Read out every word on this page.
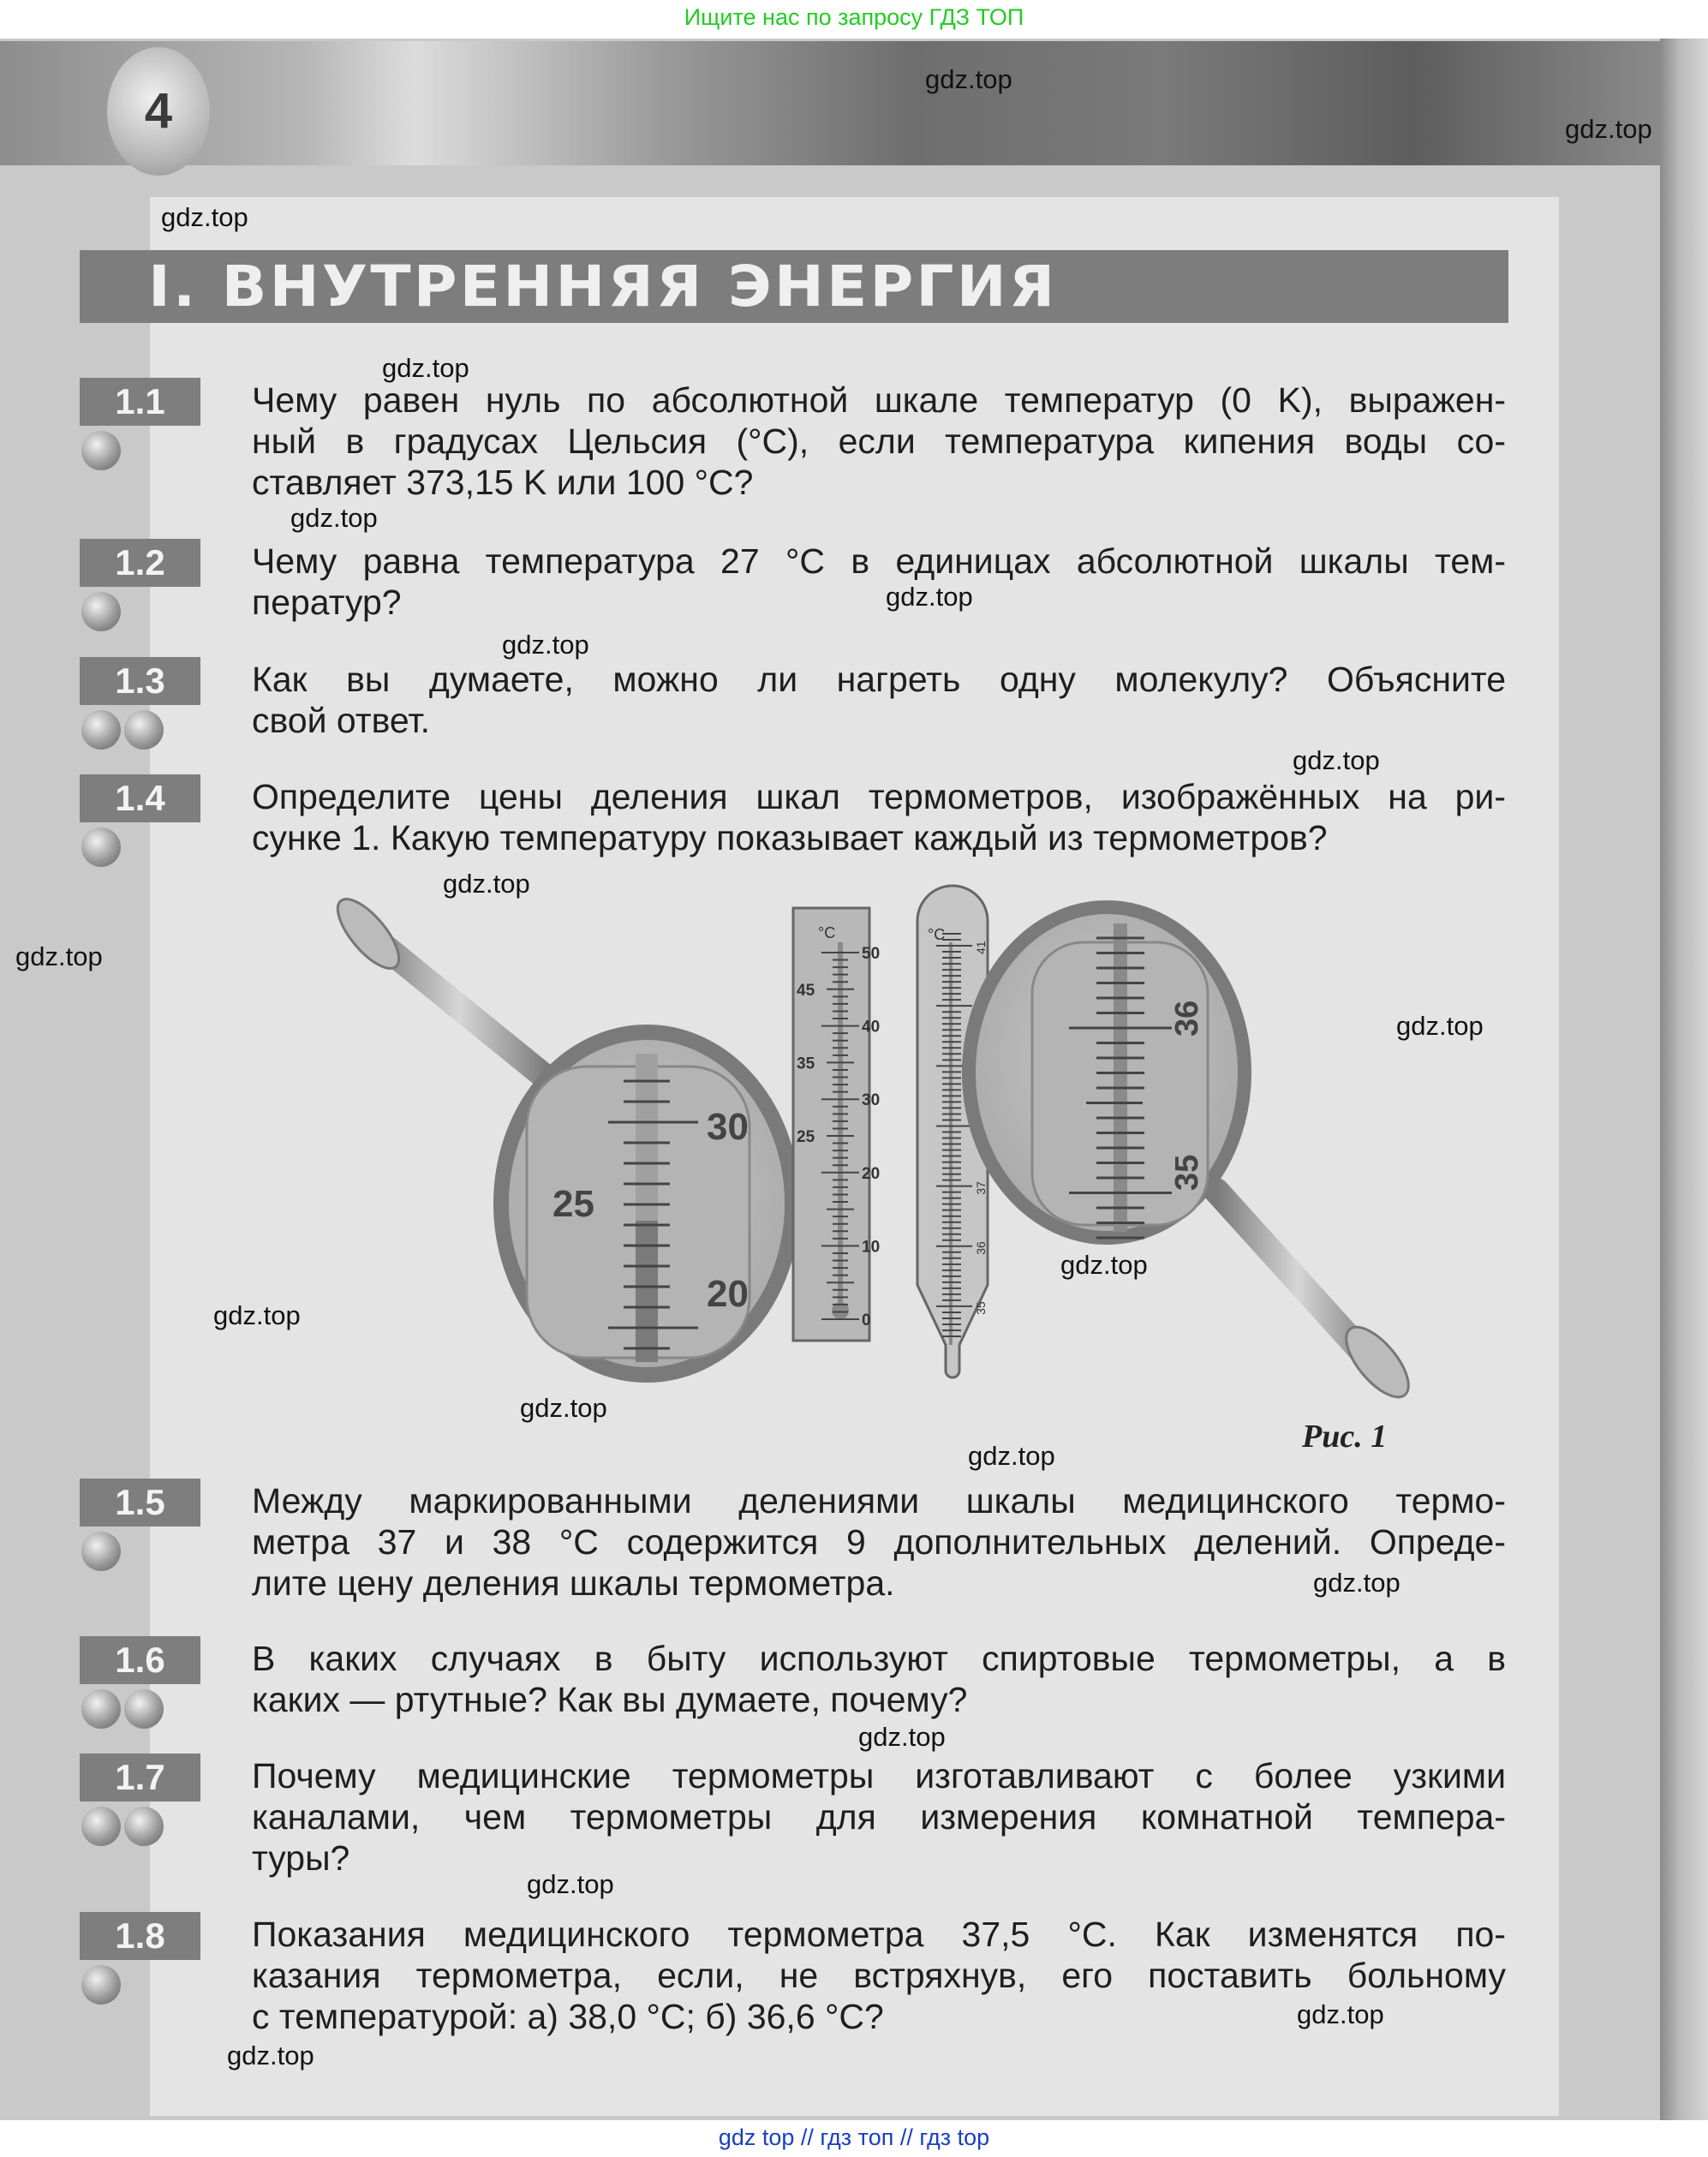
Ищите нас по запросу ГДЗ ТОП
4
I. ВНУТРЕННЯЯ ЭНЕРГИЯ
1.1	Чему равен нуль по абсолютной шкале температур (0 K), выражен-
ный в градусах Цельсия (°C), если температура кипения воды со-
ставляет 373,15 K или 100 °C?
1.2	Чему равна температура 27 °C в единицах абсолютной шкалы тем-
ператур?
1.3	Как вы думаете, можно ли нагреть одну молекулу? Объясните
свой ответ.
1.4	Определите цены деления шкал термометров, изображённых на ри-
сунке 1. Какую температуру показывает каждый из термометров?
1.5	Между маркированными делениями шкалы медицинского термо-
метра 37 и 38 °C содержится 9 дополнительных делений. Опреде-
лите цену деления шкалы термометра.
1.6	В каких случаях в быту используют спиртовые термометры, а в
каких — ртутные? Как вы думаете, почему?
1.7	Почему медицинские термометры изготавливают с более узкими
каналами, чем термометры для измерения комнатной темпера-
туры?
1.8	Показания медицинского термометра 37,5 °C. Как изменятся по-
казания термометра, если, не встряхнув, его поставить больному
с температурой: а) 38,0 °C; б) 36,6 °C?
30
25
20
°C
50
45
40
35
30
25
20
10
0
°C
41
37
36
35
36
35
Рис. 1
gdz.top
gdz.top
gdz.top
gdz.top
gdz.top
gdz.top
gdz.top
gdz.top
gdz.top
gdz.top
gdz.top
gdz.top
gdz.top
gdz.top
gdz.top
gdz.top
gdz.top
gdz.top
gdz.top
gdz.top
gdz top // гдз топ // гдз top
